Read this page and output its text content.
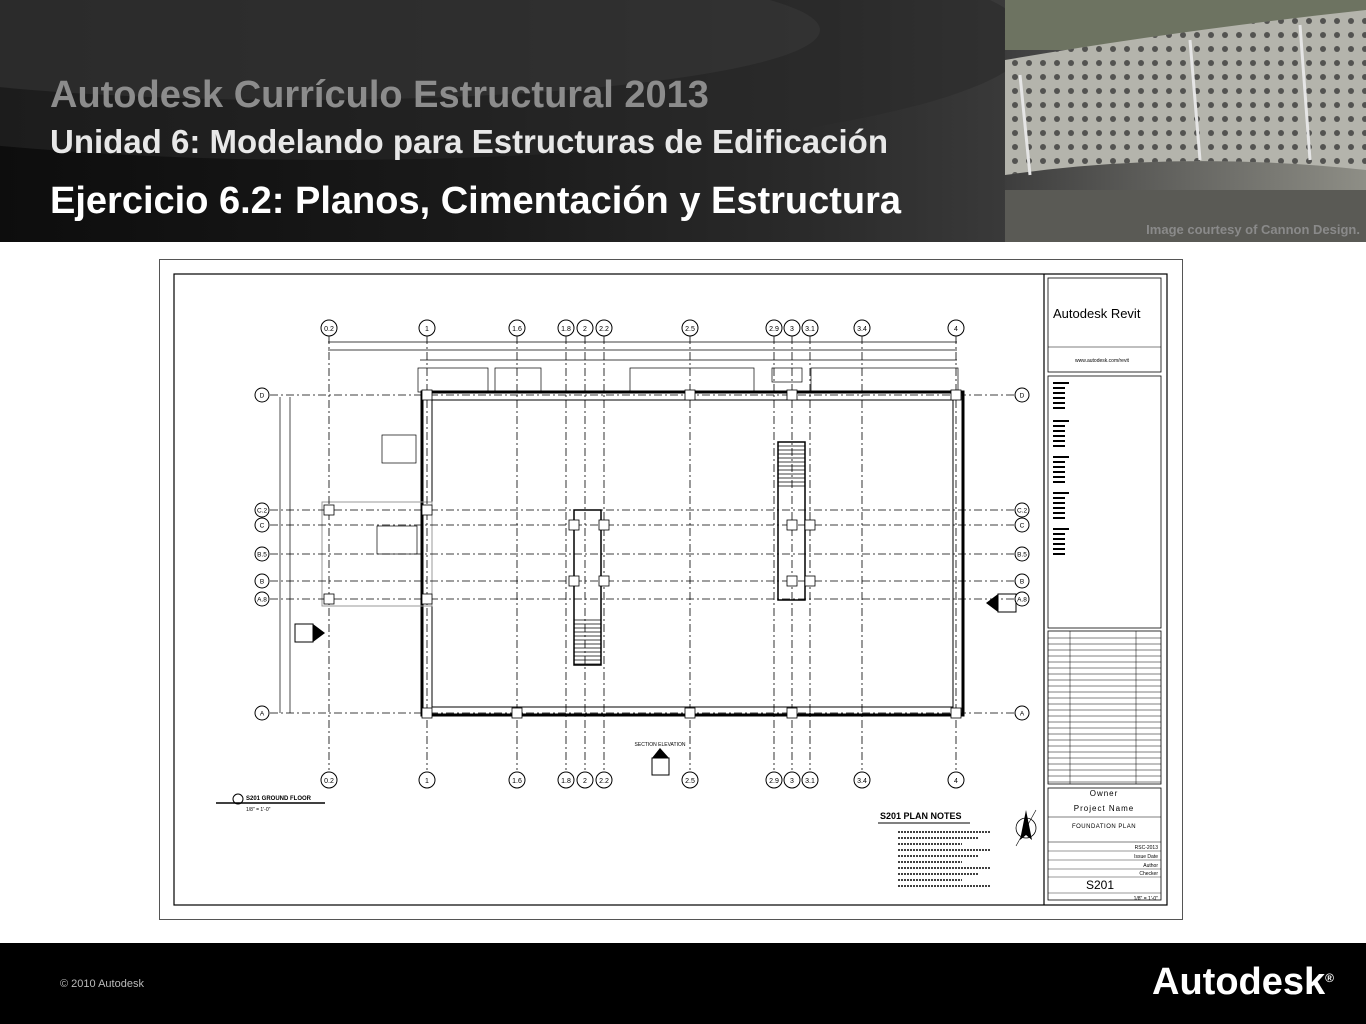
Autodesk Currículo Estructural 2013
Unidad 6: Modelando para Estructuras de Edificación
Ejercicio 6.2: Planos, Cimentación y Estructura
Image courtesy of Cannon Design.
SECTION ELEVATION
S201 GROUND FLOOR
1/8" = 1'-0"
S201 PLAN NOTES
Autodesk Revit
www.autodesk.com/revit
Owner
Project Name
FOUNDATION PLAN
RSC-2013
Issue Date
Author
Checker
S201
1/8" = 1'-0"
0.2
0.2
1
1
1.6
1.6
1.8
1.8
2
2
2.2
2.2
2.5
2.5
2.9
2.9
3
3
3.1
3.1
3.4
3.4
4
4
D	D
C.2	C.2
C	C
B.5	B.5
B	B
A.8	A.8
A	A
© 2010 Autodesk	Autodesk®
